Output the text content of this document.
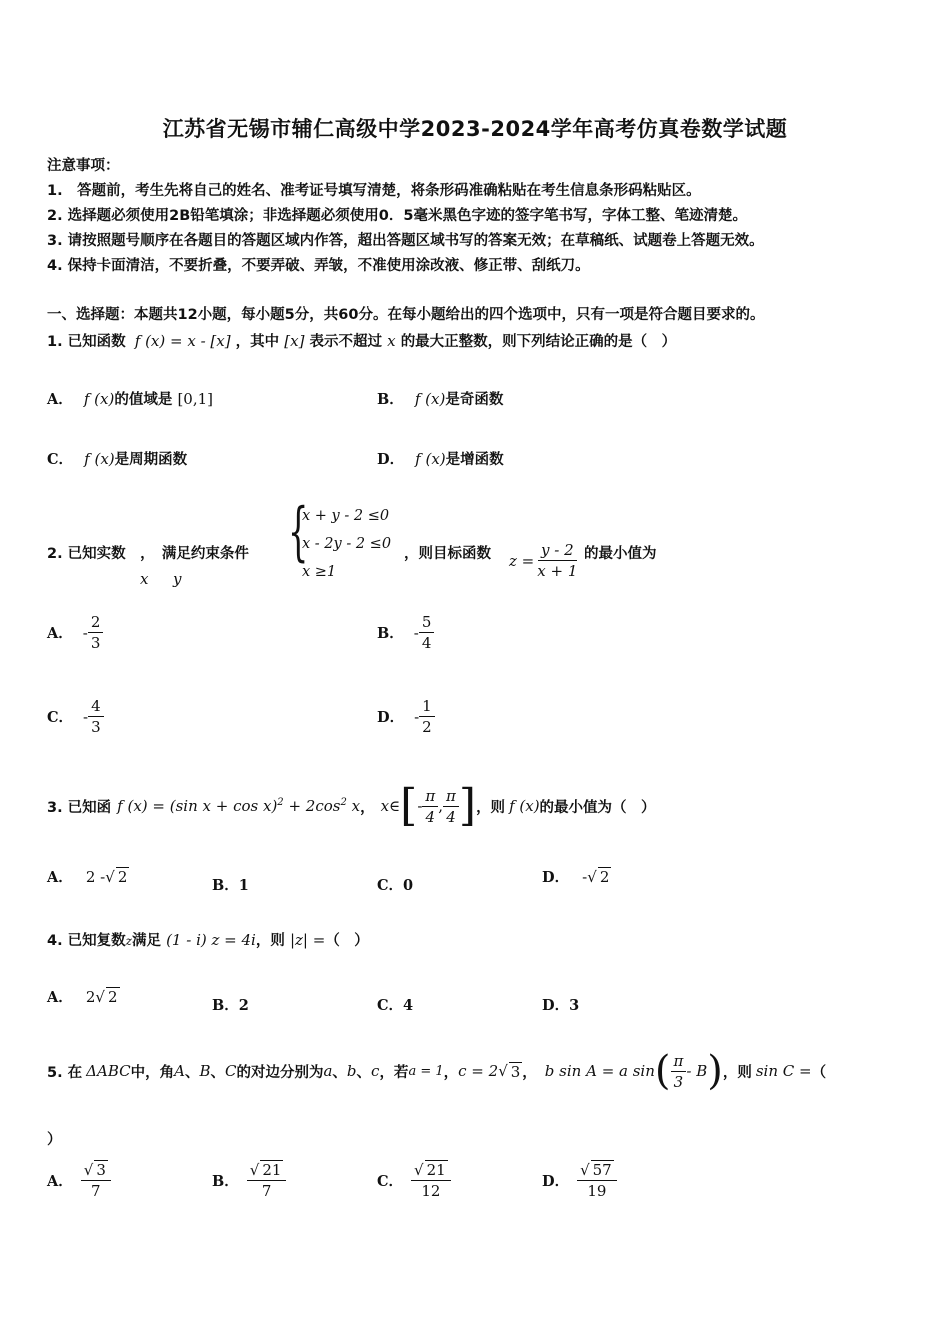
江苏省无锡市辅仁高级中学2023-2024学年高考仿真卷数学试题
注意事项：
1.　答题前，考生先将自己的姓名、准考证号填写清楚，将条形码准确粘贴在考生信息条形码粘贴区。
2. 选择题必须使用2B铅笔填涂；非选择题必须使用0．5毫米黑色字迹的签字笔书写，字体工整、笔迹清楚。
3. 请按照题号顺序在各题目的答题区域内作答，超出答题区域书写的答案无效；在草稿纸、试题卷上答题无效。
4. 保持卡面清洁，不要折叠，不要弄破、弄皱，不准使用涂改液、修正带、刮纸刀。
一、选择题：本题共12小题，每小题5分，共60分。在每小题给出的四个选项中，只有一项是符合题目要求的。
1. 已知函数 f (x) = x - [x] ，其中 [x] 表示不超过 x 的最大正整数，则下列结论正确的是（　）
A． f (x)的值域是 [0,1]	B． f (x)是奇函数
C． f (x)是周期函数	D． f (x)是增函数
2. 已知实数　，　满足约束条件
x y
{
x + y - 2 ≤0
x - 2y - 2 ≤0
x ≥1
，则目标函数 $z = \frac{y - 2}{x + 1}$ 的最小值为
A． - $\frac{2}{3}$	B． - $\frac{5}{4}$
C． - $\frac{4}{3}$	D． - $\frac{1}{2}$
3. 已知函 f (x) = (sin $x + \cos x)^2 + 2\cos^2$ x ， x∈ [ - $\frac{\pi}{4}$ , $\frac{\pi}{4}$ ] ，则 f (x) 的最小值为（　）
A． 2 -√ 2	B．1	C．0	D． -√ 2
4. 已知复数z满足 (1 - i) z = 4i，则 |z| =（　）
A． 2√ 2	B．2	C．4	D．3
5. 在 ΔABC 中，角 A 、 B 、 C 的对边分别为 a 、 b 、 c ，若 a = 1 ， c = 2 √ 3 ， b sin A = a sin ( $\frac{\pi}{3}$ - B ) ，则 sin C = （
）
A． $\frac{√ 3}{7}$	B． $\frac{√ 21}{7}$	C． $\frac{√ 21}{12}$	D． $\frac{√ 57}{19}$
